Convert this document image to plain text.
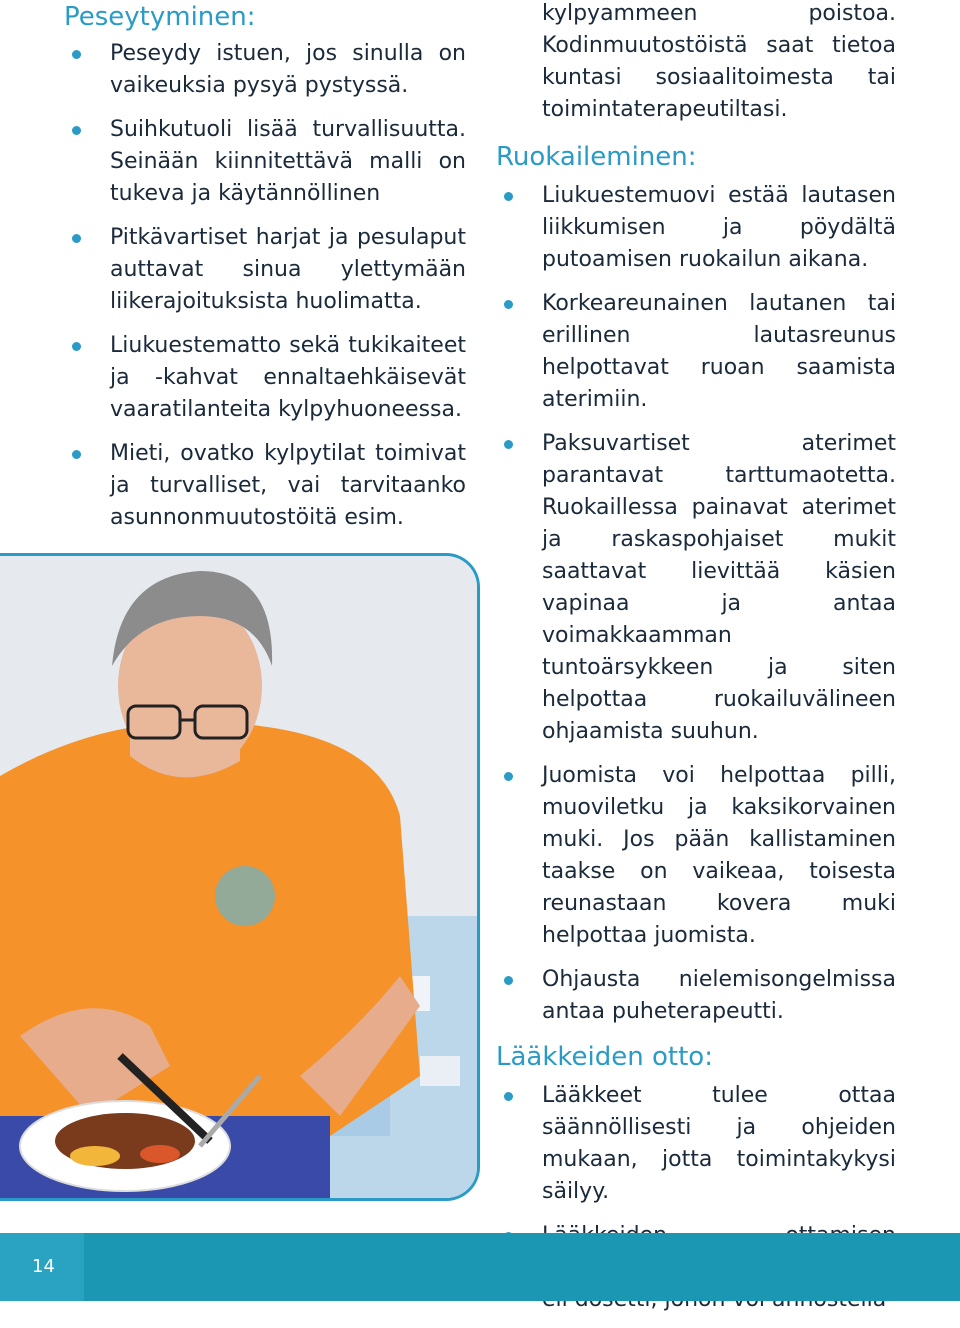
Peseytyminen:
Peseydy istuen, jos sinulla on vaikeuksia pysyä pystyssä.
Suihkutuoli lisää turvallisuutta. Seinään kiinnitettävä malli on tukeva ja käytännöllinen
Pitkävartiset harjat ja pesulaput auttavat sinua ylettymään liikerajoituksista huolimatta.
Liukuestematto sekä tukikaiteet ja -kahvat ennaltaehkäisevät vaaratilanteita kylpyhuoneessa.
Mieti, ovatko kylpytilat toimivat ja turvalliset, vai tarvitaanko asunnonmuutostöitä esim.
kylpyammeen poistoa. Kodinmuutostöistä saat tietoa kuntasi sosiaalitoimesta tai toimintaterapeutiltasi.
Ruokaileminen:
Liukuestemuovi estää lautasen liikkumisen ja pöydältä putoamisen ruokailun aikana.
Korkeareunainen lautanen tai erillinen lautasreunus helpottavat ruoan saamista aterimiin.
Paksuvartiset aterimet parantavat tarttumaotetta. Ruokaillessa painavat aterimet ja raskaspohjaiset mukit saattavat lievittää käsien vapinaa ja antaa voimakkaamman tuntoärsykkeen ja siten helpottaa ruokailuvälineen ohjaamista suuhun.
Juomista voi helpottaa pilli, muoviletku ja kaksikorvainen muki. Jos pään kallistaminen taakse on vaikeaa, toisesta reunastaan kovera muki helpottaa juomista.
Ohjausta nielemisongelmissa antaa puheterapeutti.
Lääkkeiden otto:
Lääkkeet tulee ottaa säännöllisesti ja ohjeiden mukaan, jotta toimintakykysi säilyy.
14
